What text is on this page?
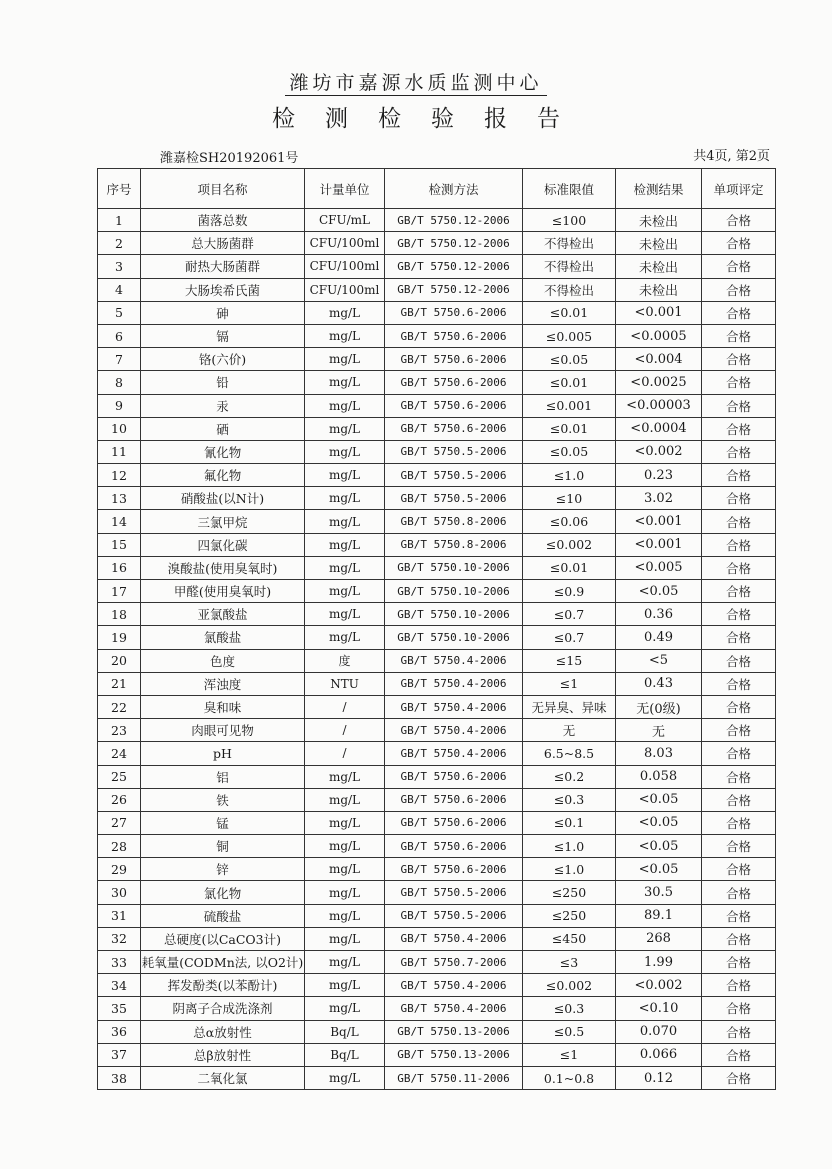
潍坊市嘉源水质监测中心
检测检验报告
潍嘉检SH20192061号	共4页, 第2页
序号	项目名称	计量单位	检测方法	标准限值	检测结果	单项评定
1	菌落总数	CFU/mL	GB/T 5750.12-2006	≤100	未检出	合格
2	总大肠菌群	CFU/100ml	GB/T 5750.12-2006	不得检出	未检出	合格
3	耐热大肠菌群	CFU/100ml	GB/T 5750.12-2006	不得检出	未检出	合格
4	大肠埃希氏菌	CFU/100ml	GB/T 5750.12-2006	不得检出	未检出	合格
5	砷	mg/L	GB/T 5750.6-2006	≤0.01	<0.001	合格
6	镉	mg/L	GB/T 5750.6-2006	≤0.005	<0.0005	合格
7	铬(六价)	mg/L	GB/T 5750.6-2006	≤0.05	<0.004	合格
8	铅	mg/L	GB/T 5750.6-2006	≤0.01	<0.0025	合格
9	汞	mg/L	GB/T 5750.6-2006	≤0.001	<0.00003	合格
10	硒	mg/L	GB/T 5750.6-2006	≤0.01	<0.0004	合格
11	氰化物	mg/L	GB/T 5750.5-2006	≤0.05	<0.002	合格
12	氟化物	mg/L	GB/T 5750.5-2006	≤1.0	0.23	合格
13	硝酸盐(以N计)	mg/L	GB/T 5750.5-2006	≤10	3.02	合格
14	三氯甲烷	mg/L	GB/T 5750.8-2006	≤0.06	<0.001	合格
15	四氯化碳	mg/L	GB/T 5750.8-2006	≤0.002	<0.001	合格
16	溴酸盐(使用臭氧时)	mg/L	GB/T 5750.10-2006	≤0.01	<0.005	合格
17	甲醛(使用臭氧时)	mg/L	GB/T 5750.10-2006	≤0.9	<0.05	合格
18	亚氯酸盐	mg/L	GB/T 5750.10-2006	≤0.7	0.36	合格
19	氯酸盐	mg/L	GB/T 5750.10-2006	≤0.7	0.49	合格
20	色度	度	GB/T 5750.4-2006	≤15	<5	合格
21	浑浊度	NTU	GB/T 5750.4-2006	≤1	0.43	合格
22	臭和味	/	GB/T 5750.4-2006	无异臭、异味	无(0级)	合格
23	肉眼可见物	/	GB/T 5750.4-2006	无	无	合格
24	pH	/	GB/T 5750.4-2006	6.5~8.5	8.03	合格
25	铝	mg/L	GB/T 5750.6-2006	≤0.2	0.058	合格
26	铁	mg/L	GB/T 5750.6-2006	≤0.3	<0.05	合格
27	锰	mg/L	GB/T 5750.6-2006	≤0.1	<0.05	合格
28	铜	mg/L	GB/T 5750.6-2006	≤1.0	<0.05	合格
29	锌	mg/L	GB/T 5750.6-2006	≤1.0	<0.05	合格
30	氯化物	mg/L	GB/T 5750.5-2006	≤250	30.5	合格
31	硫酸盐	mg/L	GB/T 5750.5-2006	≤250	89.1	合格
32	总硬度(以CaCO3计)	mg/L	GB/T 5750.4-2006	≤450	268	合格
33	耗氧量(CODMn法, 以O2计)	mg/L	GB/T 5750.7-2006	≤3	1.99	合格
34	挥发酚类(以苯酚计)	mg/L	GB/T 5750.4-2006	≤0.002	<0.002	合格
35	阴离子合成洗涤剂	mg/L	GB/T 5750.4-2006	≤0.3	<0.10	合格
36	总α放射性	Bq/L	GB/T 5750.13-2006	≤0.5	0.070	合格
37	总β放射性	Bq/L	GB/T 5750.13-2006	≤1	0.066	合格
38	二氧化氯	mg/L	GB/T 5750.11-2006	0.1~0.8	0.12	合格
